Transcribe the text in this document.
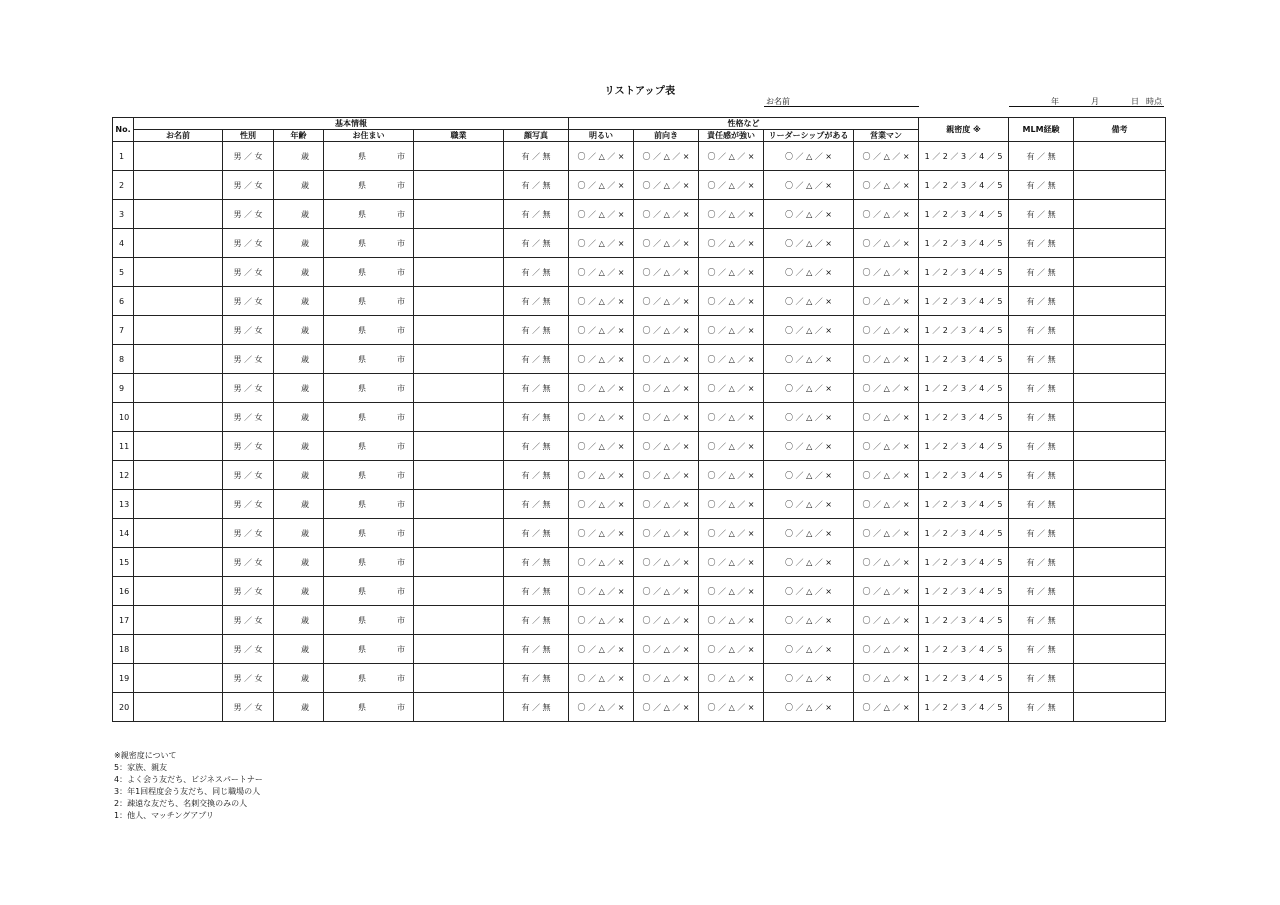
リストアップ表
お名前	年	月	日 時点
No.	基本情報						性格など					親密度 ※	MLM経験	備考
	お名前	性別	年齢	お住まい	職業	顔写真	明るい	前向き	責任感が強い	リーダーシップがある	営業マン			
1		男 ／ 女	歳	県 市		有 ／ 無	〇 ／ △ ／ ×	〇 ／ △ ／ ×	〇 ／ △ ／ ×	〇 ／ △ ／ ×	〇 ／ △ ／ ×	1 ／ 2 ／ 3 ／ 4 ／ 5	有 ／ 無	
2		男 ／ 女	歳	県 市		有 ／ 無	〇 ／ △ ／ ×	〇 ／ △ ／ ×	〇 ／ △ ／ ×	〇 ／ △ ／ ×	〇 ／ △ ／ ×	1 ／ 2 ／ 3 ／ 4 ／ 5	有 ／ 無	
3		男 ／ 女	歳	県 市		有 ／ 無	〇 ／ △ ／ ×	〇 ／ △ ／ ×	〇 ／ △ ／ ×	〇 ／ △ ／ ×	〇 ／ △ ／ ×	1 ／ 2 ／ 3 ／ 4 ／ 5	有 ／ 無	
4		男 ／ 女	歳	県 市		有 ／ 無	〇 ／ △ ／ ×	〇 ／ △ ／ ×	〇 ／ △ ／ ×	〇 ／ △ ／ ×	〇 ／ △ ／ ×	1 ／ 2 ／ 3 ／ 4 ／ 5	有 ／ 無	
5		男 ／ 女	歳	県 市		有 ／ 無	〇 ／ △ ／ ×	〇 ／ △ ／ ×	〇 ／ △ ／ ×	〇 ／ △ ／ ×	〇 ／ △ ／ ×	1 ／ 2 ／ 3 ／ 4 ／ 5	有 ／ 無	
6		男 ／ 女	歳	県 市		有 ／ 無	〇 ／ △ ／ ×	〇 ／ △ ／ ×	〇 ／ △ ／ ×	〇 ／ △ ／ ×	〇 ／ △ ／ ×	1 ／ 2 ／ 3 ／ 4 ／ 5	有 ／ 無	
7		男 ／ 女	歳	県 市		有 ／ 無	〇 ／ △ ／ ×	〇 ／ △ ／ ×	〇 ／ △ ／ ×	〇 ／ △ ／ ×	〇 ／ △ ／ ×	1 ／ 2 ／ 3 ／ 4 ／ 5	有 ／ 無	
8		男 ／ 女	歳	県 市		有 ／ 無	〇 ／ △ ／ ×	〇 ／ △ ／ ×	〇 ／ △ ／ ×	〇 ／ △ ／ ×	〇 ／ △ ／ ×	1 ／ 2 ／ 3 ／ 4 ／ 5	有 ／ 無	
9		男 ／ 女	歳	県 市		有 ／ 無	〇 ／ △ ／ ×	〇 ／ △ ／ ×	〇 ／ △ ／ ×	〇 ／ △ ／ ×	〇 ／ △ ／ ×	1 ／ 2 ／ 3 ／ 4 ／ 5	有 ／ 無	
10		男 ／ 女	歳	県 市		有 ／ 無	〇 ／ △ ／ ×	〇 ／ △ ／ ×	〇 ／ △ ／ ×	〇 ／ △ ／ ×	〇 ／ △ ／ ×	1 ／ 2 ／ 3 ／ 4 ／ 5	有 ／ 無	
11		男 ／ 女	歳	県 市		有 ／ 無	〇 ／ △ ／ ×	〇 ／ △ ／ ×	〇 ／ △ ／ ×	〇 ／ △ ／ ×	〇 ／ △ ／ ×	1 ／ 2 ／ 3 ／ 4 ／ 5	有 ／ 無	
12		男 ／ 女	歳	県 市		有 ／ 無	〇 ／ △ ／ ×	〇 ／ △ ／ ×	〇 ／ △ ／ ×	〇 ／ △ ／ ×	〇 ／ △ ／ ×	1 ／ 2 ／ 3 ／ 4 ／ 5	有 ／ 無	
13		男 ／ 女	歳	県 市		有 ／ 無	〇 ／ △ ／ ×	〇 ／ △ ／ ×	〇 ／ △ ／ ×	〇 ／ △ ／ ×	〇 ／ △ ／ ×	1 ／ 2 ／ 3 ／ 4 ／ 5	有 ／ 無	
14		男 ／ 女	歳	県 市		有 ／ 無	〇 ／ △ ／ ×	〇 ／ △ ／ ×	〇 ／ △ ／ ×	〇 ／ △ ／ ×	〇 ／ △ ／ ×	1 ／ 2 ／ 3 ／ 4 ／ 5	有 ／ 無	
15		男 ／ 女	歳	県 市		有 ／ 無	〇 ／ △ ／ ×	〇 ／ △ ／ ×	〇 ／ △ ／ ×	〇 ／ △ ／ ×	〇 ／ △ ／ ×	1 ／ 2 ／ 3 ／ 4 ／ 5	有 ／ 無	
16		男 ／ 女	歳	県 市		有 ／ 無	〇 ／ △ ／ ×	〇 ／ △ ／ ×	〇 ／ △ ／ ×	〇 ／ △ ／ ×	〇 ／ △ ／ ×	1 ／ 2 ／ 3 ／ 4 ／ 5	有 ／ 無	
17		男 ／ 女	歳	県 市		有 ／ 無	〇 ／ △ ／ ×	〇 ／ △ ／ ×	〇 ／ △ ／ ×	〇 ／ △ ／ ×	〇 ／ △ ／ ×	1 ／ 2 ／ 3 ／ 4 ／ 5	有 ／ 無	
18		男 ／ 女	歳	県 市		有 ／ 無	〇 ／ △ ／ ×	〇 ／ △ ／ ×	〇 ／ △ ／ ×	〇 ／ △ ／ ×	〇 ／ △ ／ ×	1 ／ 2 ／ 3 ／ 4 ／ 5	有 ／ 無	
19		男 ／ 女	歳	県 市		有 ／ 無	〇 ／ △ ／ ×	〇 ／ △ ／ ×	〇 ／ △ ／ ×	〇 ／ △ ／ ×	〇 ／ △ ／ ×	1 ／ 2 ／ 3 ／ 4 ／ 5	有 ／ 無	
20		男 ／ 女	歳	県 市		有 ／ 無	〇 ／ △ ／ ×	〇 ／ △ ／ ×	〇 ／ △ ／ ×	〇 ／ △ ／ ×	〇 ／ △ ／ ×	1 ／ 2 ／ 3 ／ 4 ／ 5	有 ／ 無	
※親密度について
5：家族、親友
4：よく会う友だち、ビジネスパートナー
3：年1回程度会う友だち、同じ職場の人
2：疎遠な友だち、名刺交換のみの人
1：他人、マッチングアプリ
